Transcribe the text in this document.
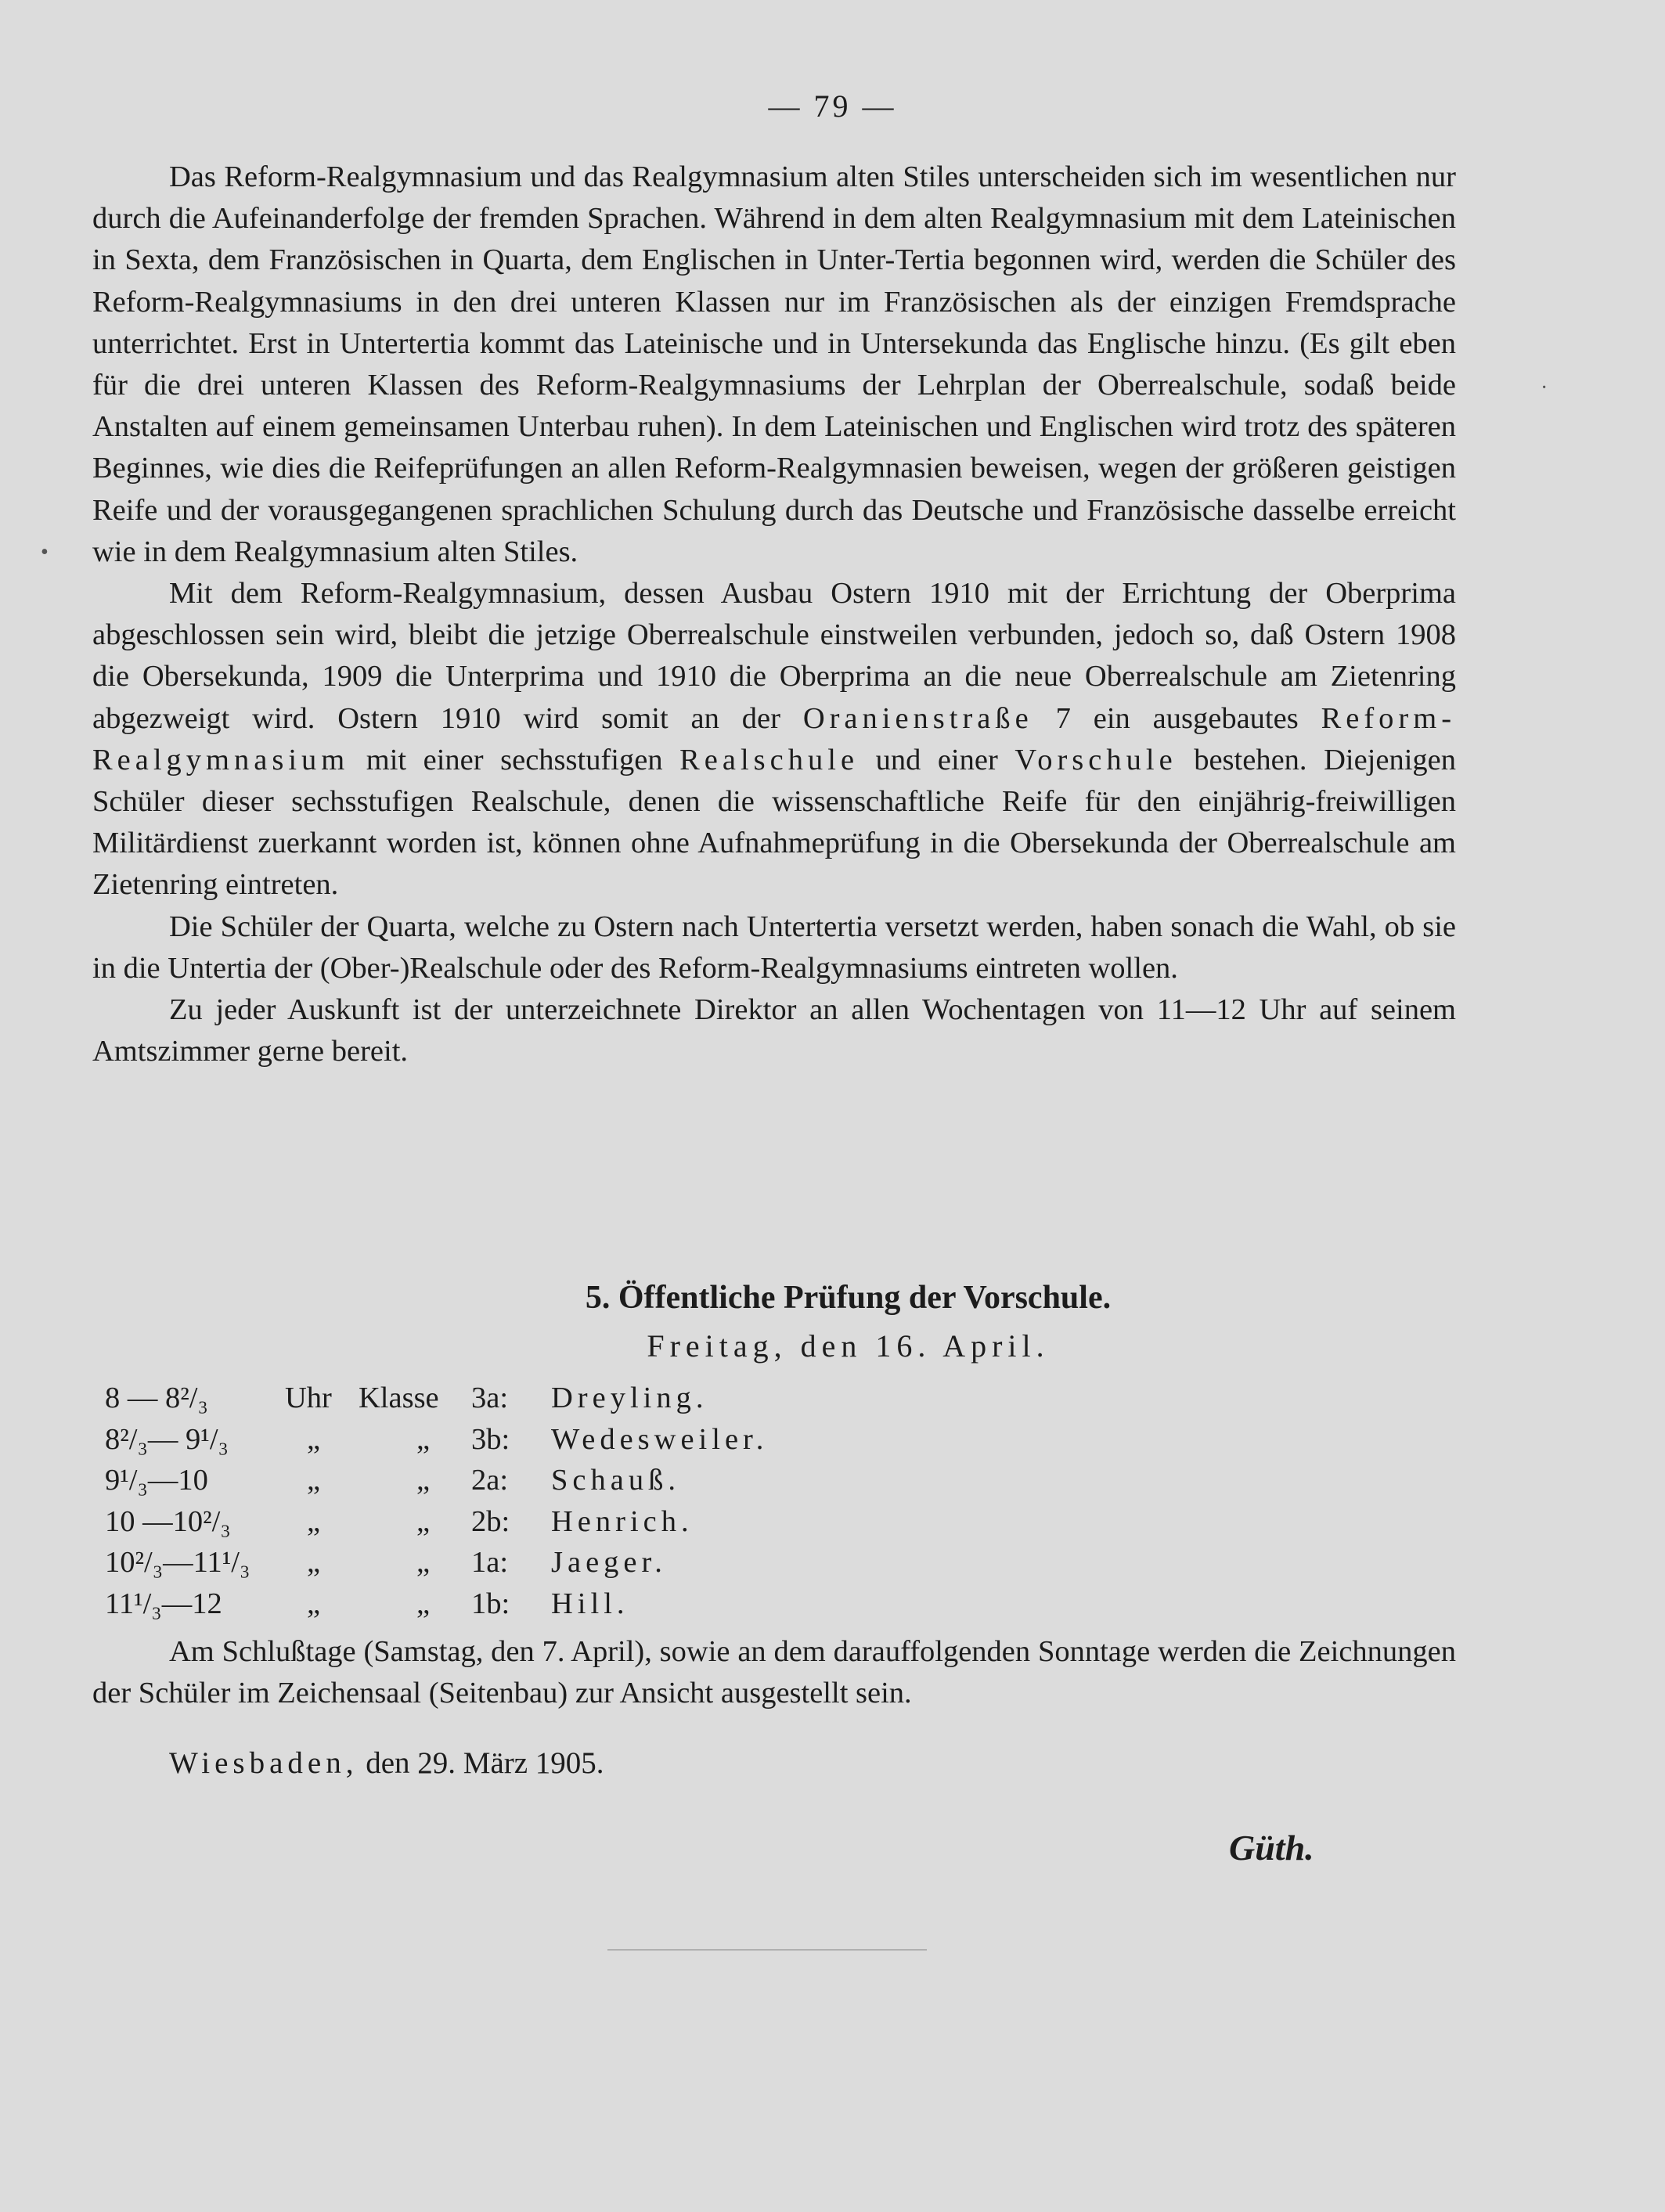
— 79 —

Das Reform-Realgymnasium und das Realgymnasium alten Stiles unterscheiden sich im wesentlichen nur durch die Aufeinanderfolge der fremden Sprachen. Während in dem alten Realgymnasium mit dem Lateinischen in Sexta, dem Französischen in Quarta, dem Englischen in Unter-Tertia begonnen wird, werden die Schüler des Reform-Realgymnasiums in den drei unteren Klassen nur im Französischen als der einzigen Fremdsprache unterrichtet. Erst in Untertertia kommt das Lateinische und in Untersekunda das Englische hinzu. (Es gilt eben für die drei unteren Klassen des Reform-Realgymnasiums der Lehrplan der Oberrealschule, sodaß beide Anstalten auf einem gemeinsamen Unterbau ruhen). In dem Lateinischen und Englischen wird trotz des späteren Beginnes, wie dies die Reifeprüfungen an allen Reform-Realgymnasien beweisen, wegen der größeren geistigen Reife und der vorausgegangenen sprachlichen Schulung durch das Deutsche und Französische dasselbe erreicht wie in dem Realgymnasium alten Stiles.

Mit dem Reform-Realgymnasium, dessen Ausbau Ostern 1910 mit der Errichtung der Oberprima abgeschlossen sein wird, bleibt die jetzige Oberrealschule einstweilen verbunden, jedoch so, daß Ostern 1908 die Obersekunda, 1909 die Unterprima und 1910 die Oberprima an die neue Oberrealschule am Zietenring abgezweigt wird. Ostern 1910 wird somit an der Oranienstraße 7 ein ausgebautes Reform-Realgymnasium mit einer sechsstufigen Realschule und einer Vorschule bestehen. Diejenigen Schüler dieser sechsstufigen Realschule, denen die wissenschaftliche Reife für den einjährig-freiwilligen Militärdienst zuerkannt worden ist, können ohne Aufnahmeprüfung in die Obersekunda der Oberrealschule am Zietenring eintreten.

Die Schüler der Quarta, welche zu Ostern nach Untertertia versetzt werden, haben sonach die Wahl, ob sie in die Untertia der (Ober-)Realschule oder des Reform-Realgymnasiums eintreten wollen.

Zu jeder Auskunft ist der unterzeichnete Direktor an allen Wochentagen von 11—12 Uhr auf seinem Amtszimmer gerne bereit.

5. Öffentliche Prüfung der Vorschule.
Freitag, den 16. April.
8 — 8²/₃	Uhr Klasse 3a: Dreyling.
8²/₃— 9¹/₃	„	„ 3b: Wedesweiler.
9¹/₃—10	„	„ 2a: Schauß.
10 —10²/₃	„	„ 2b: Henrich.
10²/₃—11¹/₃ „	„ 1a: Jaeger.
11¹/₃—12	„	„ 1b: Hill.

Am Schlußtage (Samstag, den 7. April), sowie an dem darauffolgenden Sonntage werden die Zeichnungen der Schüler im Zeichensaal (Seitenbau) zur Ansicht ausgestellt sein.

Wiesbaden, den 29. März 1905.
Güth.
•
·
